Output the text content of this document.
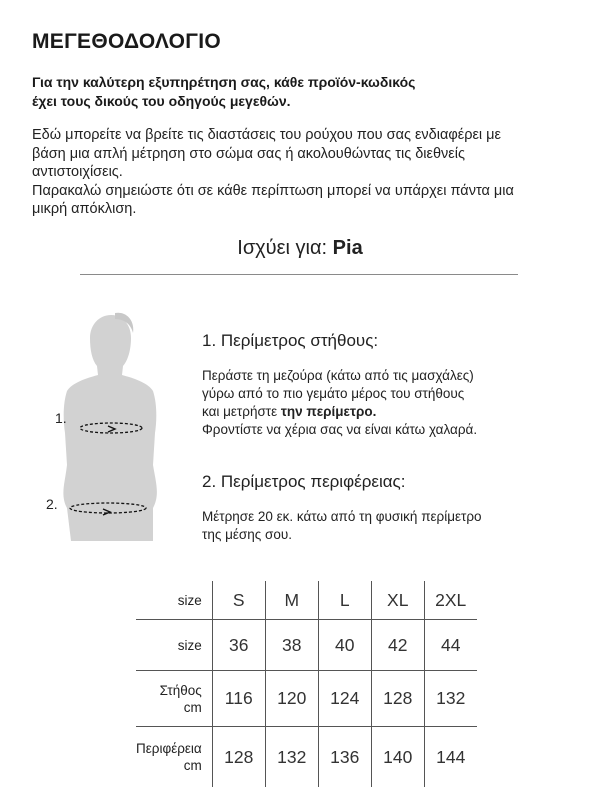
ΜΕΓΕΘΟΔΟΛΟΓΙΟ
Για την καλύτερη εξυπηρέτηση σας, κάθε προϊόν-κωδικός
έχει τους δικούς του οδηγούς μεγεθών.
Εδώ μπορείτε να βρείτε τις διαστάσεις του ρούχου που σας ενδιαφέρει με
βάση μια απλή μέτρηση στο σώμα σας ή ακολουθώντας τις διεθνείς
αντιστοιχίσεις.
Παρακαλώ σημειώστε ότι σε κάθε περίπτωση μπορεί να υπάρχει πάντα μια
μικρή απόκλιση.
Ισχύει για: Pia
1.
2.
1. Περίμετρος στήθους:
Περάστε τη μεζούρα (κάτω από τις μασχάλες)
γύρω από το πιο γεμάτο μέρος του στήθους
και μετρήστε την περίμετρο.
Φροντίστε να χέρια σας να είναι κάτω χαλαρά.
2. Περίμετρος περιφέρειας:
Μέτρησε 20 εκ. κάτω από τη φυσική περίμετρο
της μέσης σου.
size	S	M	L	XL	2XL

size	36	38	40	42	44

Στήθος
cm	116	120	124	128	132

Περιφέρεια
cm	128	132	136	140	144
